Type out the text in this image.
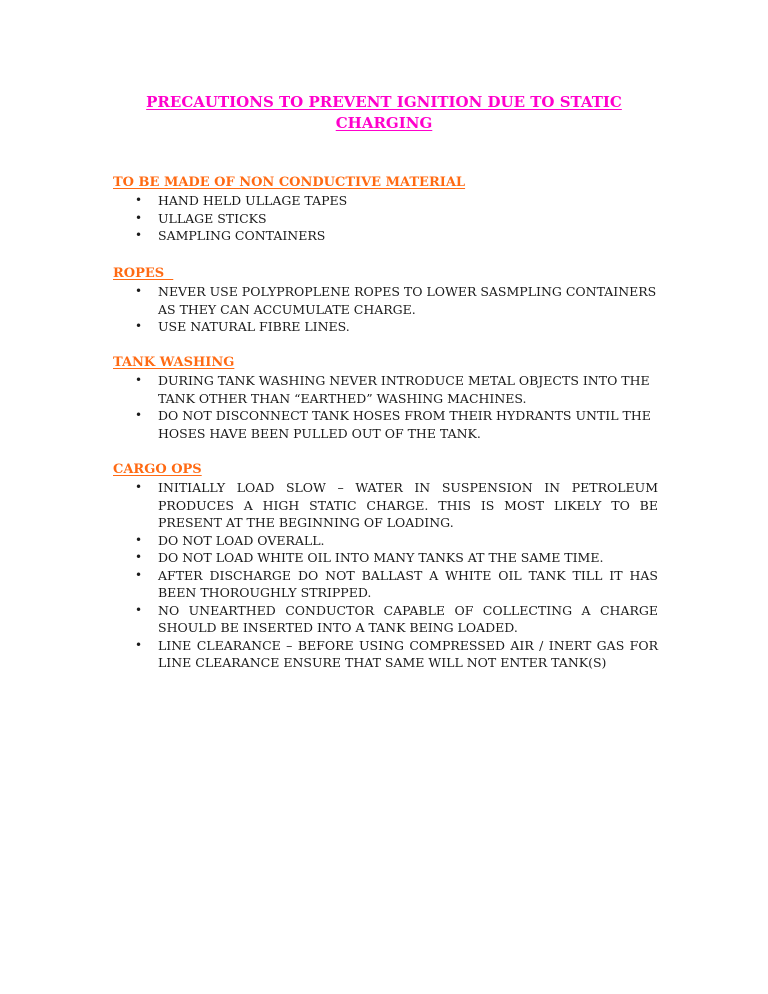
PRECAUTIONS TO PREVENT IGNITION DUE TO STATIC CHARGING
TO BE MADE OF NON CONDUCTIVE MATERIAL
• HAND HELD ULLAGE TAPES
• ULLAGE STICKS
• SAMPLING CONTAINERS
ROPES
• NEVER USE POLYPROPLENE ROPES TO LOWER SASMPLING CONTAINERS AS THEY CAN ACCUMULATE CHARGE.
• USE NATURAL FIBRE LINES.
TANK WASHING
• DURING TANK WASHING NEVER INTRODUCE METAL OBJECTS INTO THE TANK OTHER THAN “EARTHED” WASHING MACHINES.
• DO NOT DISCONNECT TANK HOSES FROM THEIR HYDRANTS UNTIL THE HOSES HAVE BEEN PULLED OUT OF THE TANK.
CARGO OPS
• INITIALLY LOAD SLOW – WATER IN SUSPENSION IN PETROLEUM PRODUCES A HIGH STATIC CHARGE. THIS IS MOST LIKELY TO BE PRESENT AT THE BEGINNING OF LOADING.
• DO NOT LOAD OVERALL.
• DO NOT LOAD WHITE OIL INTO MANY TANKS AT THE SAME TIME.
• AFTER DISCHARGE DO NOT BALLAST A WHITE OIL TANK TILL IT HAS BEEN THOROUGHLY STRIPPED.
• NO UNEARTHED CONDUCTOR CAPABLE OF COLLECTING A CHARGE SHOULD BE INSERTED INTO A TANK BEING LOADED.
• LINE CLEARANCE – BEFORE USING COMPRESSED AIR / INERT GAS FOR LINE CLEARANCE ENSURE THAT SAME WILL NOT ENTER TANK(S)
